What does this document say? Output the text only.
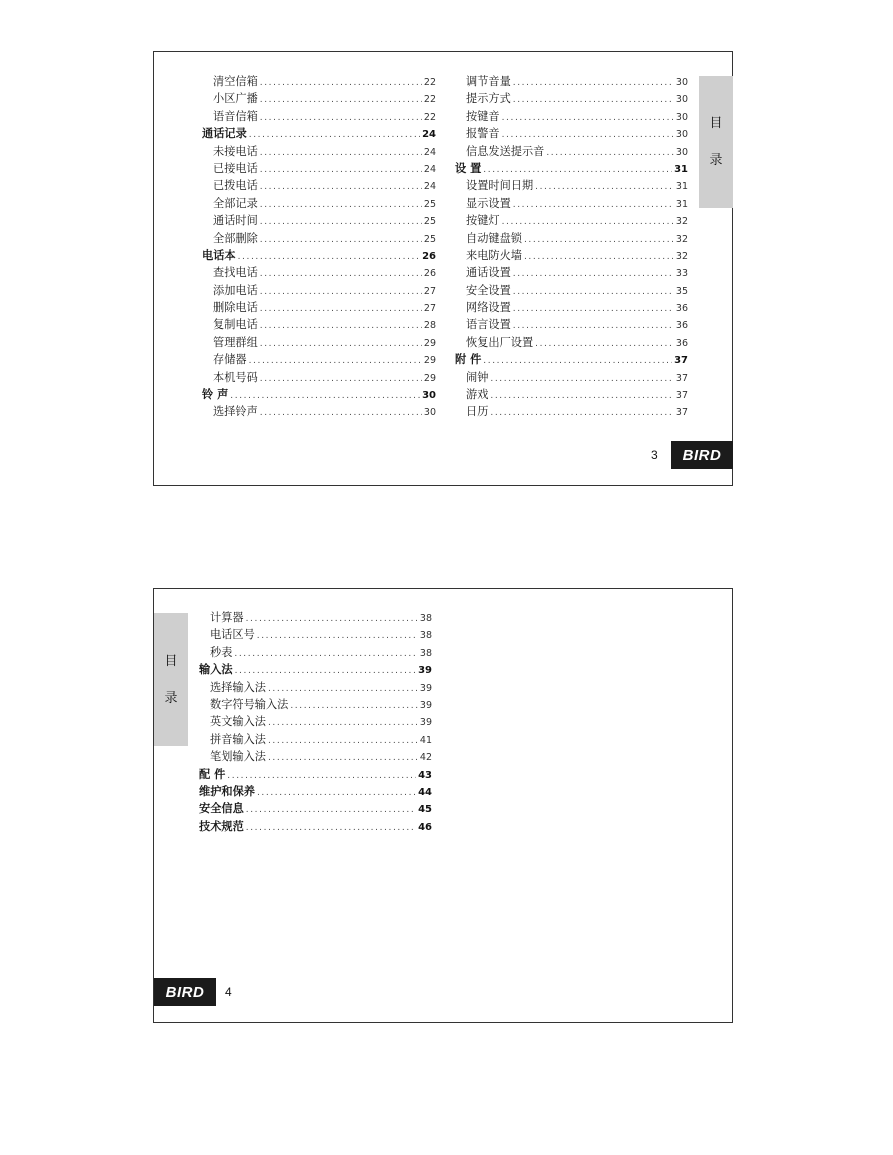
清空信箱 .....	22
小区广播 .....	22
语音信箱 .....	22
通话记录 .....	24
未接电话 .....	24
已接电话 .....	24
已拨电话 .....	24
全部记录 .....	25
通话时间 .....	25
全部删除 .....	25
电话本 .....	26
查找电话 .....	26
添加电话 .....	27
删除电话 .....	27
复制电话 .....	28
管理群组 .....	29
存储器 .....	29
本机号码 .....	29
铃 声 .....	30
选择铃声 .....	30
调节音量 .....	30
提示方式 .....	30
按键音 .....	30
报警音 .....	30
信息发送提示音 .....	30
设 置 .....	31
设置时间日期 .....	31
显示设置 .....	31
按键灯 .....	32
自动键盘锁 .....	32
来电防火墙 .....	32
通话设置 .....	33
安全设置 .....	35
网络设置 .....	36
语言设置 .....	36
恢复出厂设置 .....	36
附 件 .....	37
闹钟 .....	37
游戏 .....	37
日历 .....	37
目
录
3	BIRD
目
录
计算器 .....	38
电话区号 .....	38
秒表 .....	38
输入法 .....	39
选择输入法 .....	39
数字符号输入法 .....	39
英文输入法 .....	39
拼音输入法 .....	41
笔划输入法 .....	42
配 件 .....	43
维护和保养 .....	44
安全信息 .....	45
技术规范 .....	46
BIRD	4
